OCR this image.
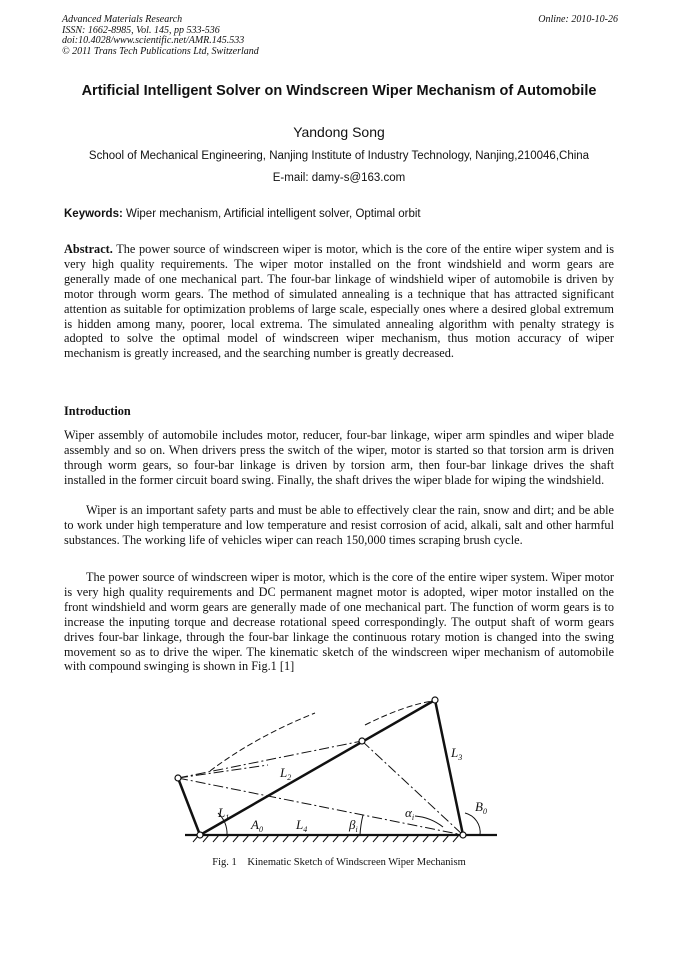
Advanced Materials Research
ISSN: 1662-8985, Vol. 145, pp 533-536
doi:10.4028/www.scientific.net/AMR.145.533
© 2011 Trans Tech Publications Ltd, Switzerland
Online: 2010-10-26
Artificial Intelligent Solver on Windscreen Wiper Mechanism of Automobile
Yandong Song
School of Mechanical Engineering, Nanjing Institute of Industry Technology, Nanjing,210046,China
E-mail: damy-s@163.com
Keywords: Wiper mechanism, Artificial intelligent solver, Optimal orbit

Abstract. The power source of windscreen wiper is motor, which is the core of the entire wiper system and is very high quality requirements. The wiper motor installed on the front windshield and worm gears are generally made of one mechanical part. The four-bar linkage of windshield wiper of automobile is driven by motor through worm gears. The method of simulated annealing is a technique that has attracted significant attention as suitable for optimization problems of large scale, especially ones where a desired global extremum is hidden among many, poorer, local extrema. The simulated annealing algorithm with penalty strategy is adopted to solve the optimal model of windscreen wiper mechanism, thus motion accuracy of wiper mechanism is greatly increased, and the searching number is greatly decreased.

Introduction

Wiper assembly of automobile includes motor, reducer, four-bar linkage, wiper arm spindles and wiper blade assembly and so on. When drivers press the switch of the wiper, motor is started so that torsion arm is driven through worm gears, so four-bar linkage is driven by torsion arm, then four-bar linkage drives the shaft installed in the former circuit board swing. Finally, the shaft drives the wiper blade for wiping the windshield.

Wiper is an important safety parts and must be able to effectively clear the rain, snow and dirt; and be able to work under high temperature and low temperature and resist corrosion of acid, alkali, salt and other harmful substances. The working life of vehicles wiper can reach 150,000 times scraping brush cycle.

The power source of windscreen wiper is motor, which is the core of the entire wiper system. Wiper motor is very high quality requirements and DC permanent magnet motor is adopted, wiper motor installed on the front windshield and worm gears are generally made of one mechanical part. The function of worm gears is to increase the inputing torque and decrease rotational speed correspondingly. The output shaft of worm gears drives four-bar linkage, through the four-bar linkage the continuous rotary motion is changed into the swing movement so as to drive the wiper. The kinematic sketch of the windscreen wiper mechanism of automobile with compound swinging is shown in Fig.1 [1]

$L_1$
$L_2$
$L_3$
$L_4$
$A_0$
$B_0$
$\alpha_i$
$\beta_i$
Fig. 1 Kinematic Sketch of Windscreen Wiper Mechanism
